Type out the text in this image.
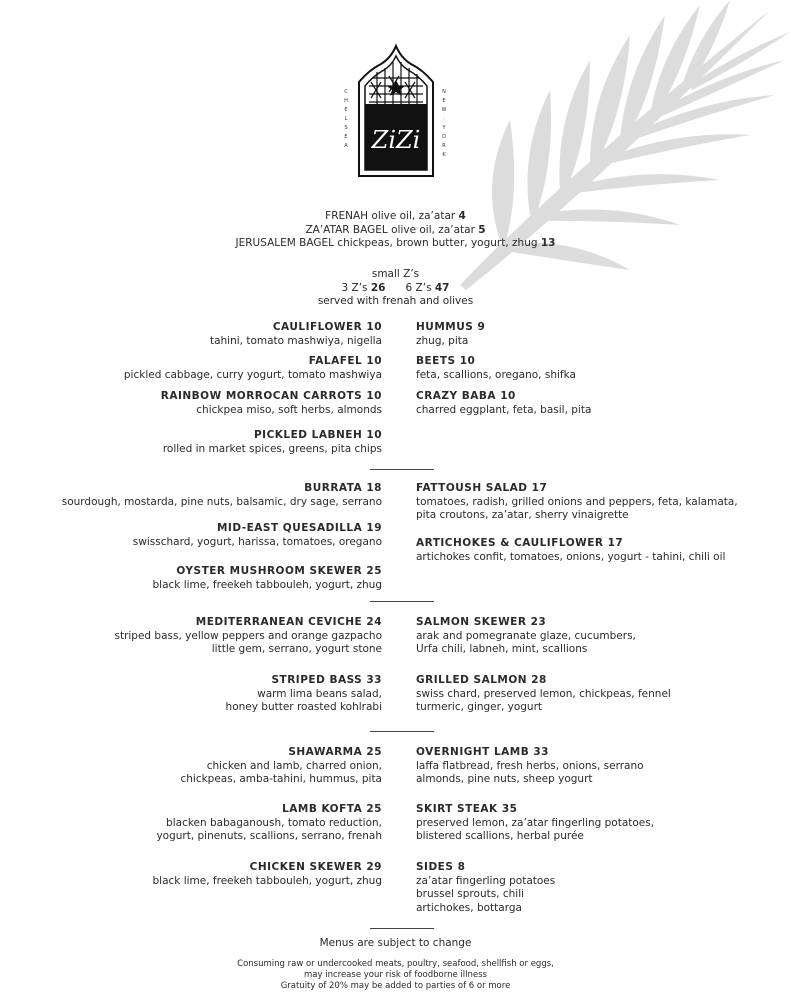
ZiZi
C
H
E
L
S
E
A
N
E
W
·
Y
O
R
K
FRENAH olive oil, za’atar 4
ZA’ATAR BAGEL olive oil, za’atar 5
JERUSALEM BAGEL chickpeas, brown butter, yogurt, zhug 13
small Z’s
3 Z’s 26 6 Z’s 47
served with frenah and olives
CAULIFLOWER 10
tahini, tomato mashwiya, nigella
FALAFEL 10
pickled cabbage, curry yogurt, tomato mashwiya
RAINBOW MORROCAN CARROTS 10
chickpea miso, soft herbs, almonds
PICKLED LABNEH 10
rolled in market spices, greens, pita chips
HUMMUS 9
zhug, pita
BEETS 10
feta, scallions, oregano, shifka
CRAZY BABA 10
charred eggplant, feta, basil, pita
BURRATA 18
sourdough, mostarda, pine nuts, balsamic, dry sage, serrano
MID-EAST QUESADILLA 19
swisschard, yogurt, harissa, tomatoes, oregano
OYSTER MUSHROOM SKEWER 25
black lime, freekeh tabbouleh, yogurt, zhug
FATTOUSH SALAD 17
tomatoes, radish, grilled onions and peppers, feta, kalamata,
pita croutons, za’atar, sherry vinaigrette
ARTICHOKES & CAULIFLOWER 17
artichokes confit, tomatoes, onions, yogurt - tahini, chili oil
MEDITERRANEAN CEVICHE 24
striped bass, yellow peppers and orange gazpacho
little gem, serrano, yogurt stone
STRIPED BASS 33
warm lima beans salad,
honey butter roasted kohlrabi
SALMON SKEWER 23
arak and pomegranate glaze, cucumbers,
Urfa chili, labneh, mint, scallions
GRILLED SALMON 28
swiss chard, preserved lemon, chickpeas, fennel
turmeric, ginger, yogurt
SHAWARMA 25
chicken and lamb, charred onion,
chickpeas, amba-tahini, hummus, pita
LAMB KOFTA 25
blacken babaganoush, tomato reduction,
yogurt, pinenuts, scallions, serrano, frenah
CHICKEN SKEWER 29
black lime, freekeh tabbouleh, yogurt, zhug
OVERNIGHT LAMB 33
laffa flatbread, fresh herbs, onions, serrano
almonds, pine nuts, sheep yogurt
SKIRT STEAK 35
preserved lemon, za’atar fingerling potatoes,
blistered scallions, herbal purée
SIDES 8
za’atar fingerling potatoes
brussel sprouts, chili
artichokes, bottarga
Menus are subject to change
Consuming raw or undercooked meats, poultry, seafood, shellfish or eggs,
may increase your risk of foodborne illness
Gratuity of 20% may be added to parties of 6 or more
